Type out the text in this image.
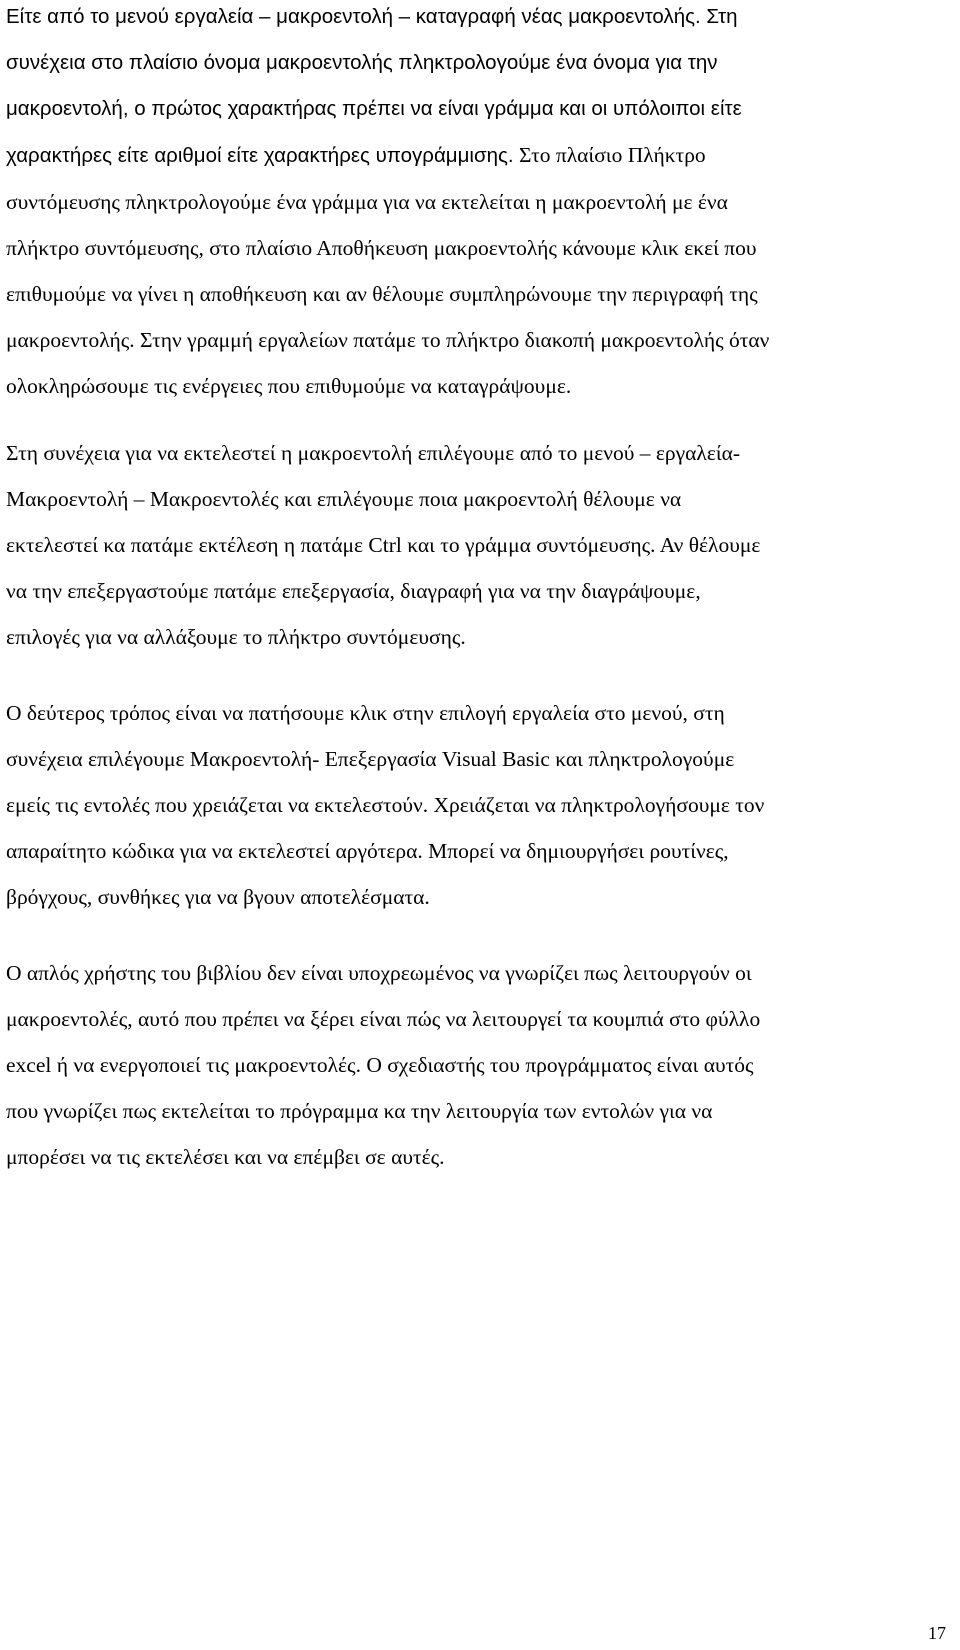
Είτε από το μενού εργαλεία – μακροεντολή – καταγραφή νέας μακροεντολής. Στη
συνέχεια στο πλαίσιο όνομα μακροεντολής πληκτρολογούμε ένα όνομα για την
μακροεντολή, ο πρώτος χαρακτήρας πρέπει να είναι γράμμα και οι υπόλοιποι είτε
χαρακτήρες είτε αριθμοί είτε χαρακτήρες υπογράμμισης. Στο πλαίσιο Πλήκτρο
συντόμευσης πληκτρολογούμε ένα γράμμα για να εκτελείται η μακροεντολή με ένα
πλήκτρο συντόμευσης, στο πλαίσιο Αποθήκευση μακροεντολής κάνουμε κλικ εκεί που
επιθυμούμε να γίνει η αποθήκευση και αν θέλουμε συμπληρώνουμε την περιγραφή της
μακροεντολής. Στην γραμμή εργαλείων πατάμε το πλήκτρο διακοπή μακροεντολής όταν
ολοκληρώσουμε τις ενέργειες που επιθυμούμε να καταγράψουμε.
Στη συνέχεια για να εκτελεστεί η μακροεντολή επιλέγουμε από το μενού – εργαλεία-
Μακροεντολή – Μακροεντολές και επιλέγουμε ποια μακροεντολή θέλουμε να
εκτελεστεί κα πατάμε εκτέλεση η πατάμε Ctrl και το γράμμα συντόμευσης. Αν θέλουμε
να την επεξεργαστούμε πατάμε επεξεργασία, διαγραφή για να την διαγράψουμε,
επιλογές για να αλλάξουμε το πλήκτρο συντόμευσης.
Ο δεύτερος τρόπος είναι να πατήσουμε κλικ στην επιλογή εργαλεία στο μενού, στη
συνέχεια επιλέγουμε Μακροεντολή- Επεξεργασία Visual Basic και πληκτρολογούμε
εμείς τις εντολές που χρειάζεται να εκτελεστούν. Χρειάζεται να πληκτρολογήσουμε τον
απαραίτητο κώδικα για να εκτελεστεί αργότερα. Μπορεί να δημιουργήσει ρουτίνες,
βρόγχους, συνθήκες για να βγουν αποτελέσματα.
Ο απλός χρήστης του βιβλίου δεν είναι υποχρεωμένος να γνωρίζει πως λειτουργούν οι
μακροεντολές, αυτό που πρέπει να ξέρει είναι πώς να λειτουργεί τα κουμπιά στο φύλλο
excel ή να ενεργοποιεί τις μακροεντολές. Ο σχεδιαστής του προγράμματος είναι αυτός
που γνωρίζει πως εκτελείται το πρόγραμμα κα την λειτουργία των εντολών για να
μπορέσει να τις εκτελέσει και να επέμβει σε αυτές.
17
